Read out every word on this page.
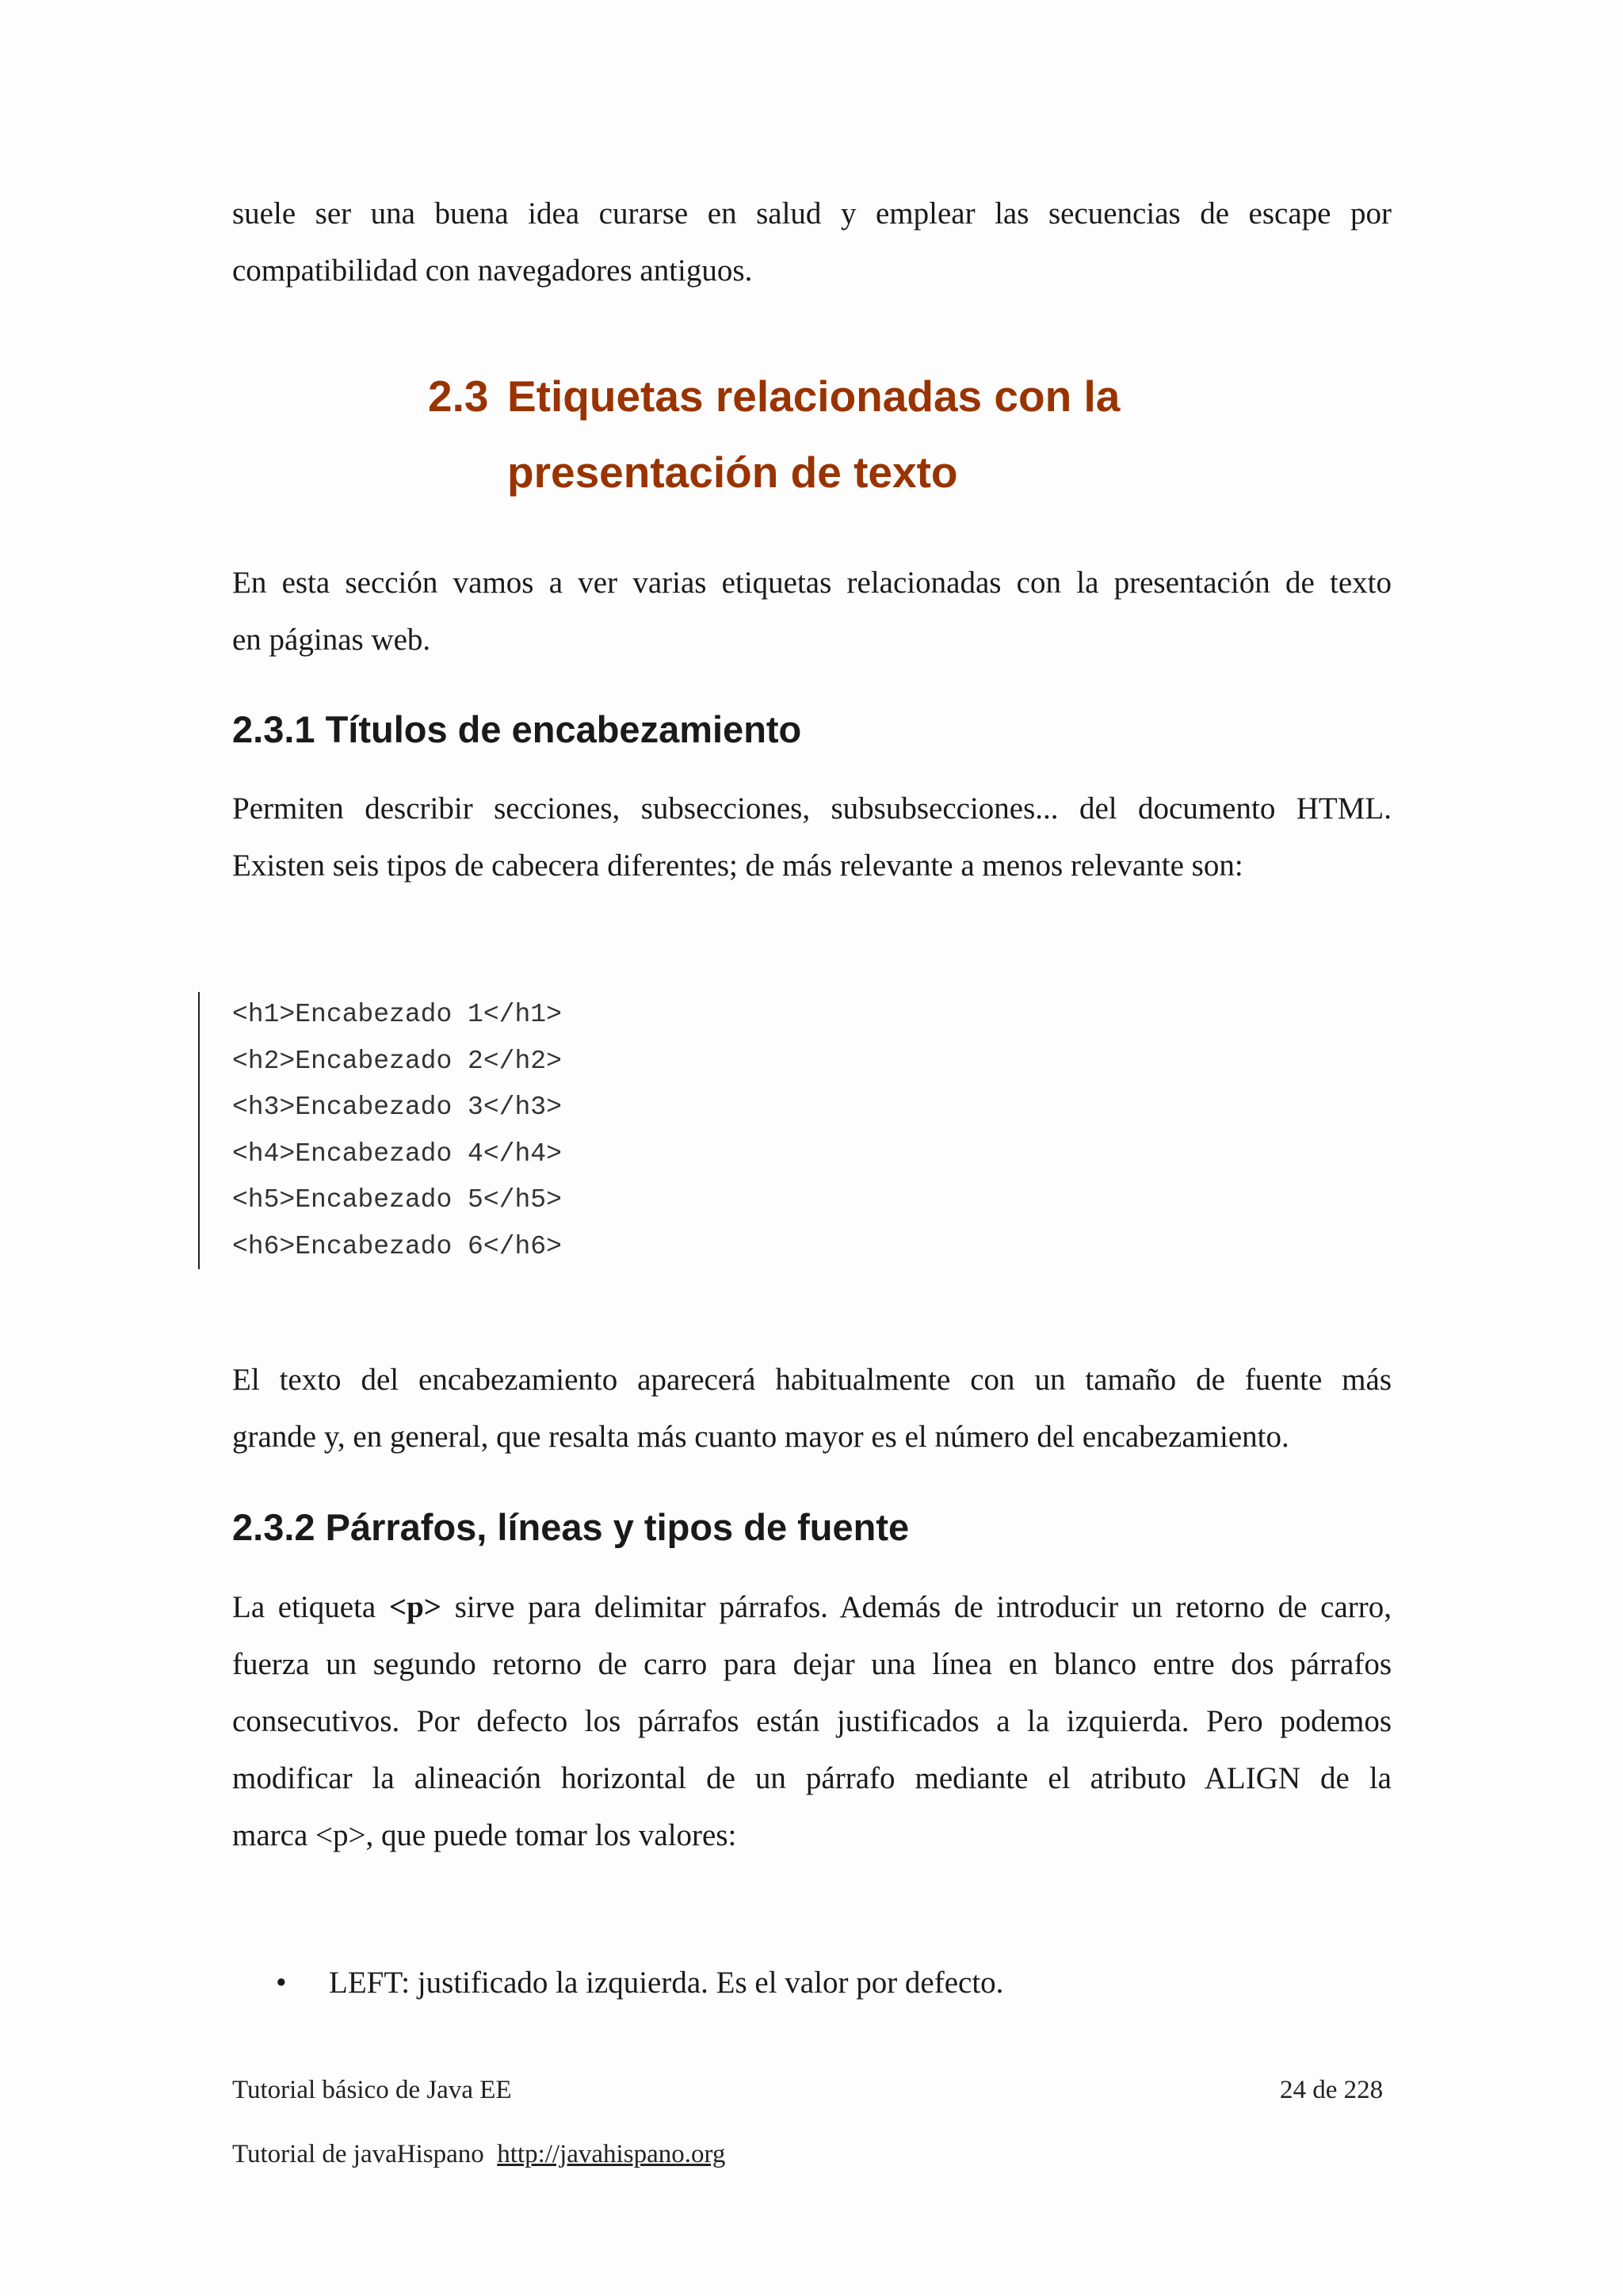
suele ser una buena idea curarse en salud y emplear las secuencias de escape por
compatibilidad con navegadores antiguos.

2.3 Etiquetas relacionadas con la
presentación de texto

En esta sección vamos a ver varias etiquetas relacionadas con la presentación de texto
en páginas web.

2.3.1 Títulos de encabezamiento

Permiten describir secciones, subsecciones, subsubsecciones... del documento HTML.
Existen seis tipos de cabecera diferentes; de más relevante a menos relevante son:

<h1>Encabezado 1</h1>
<h2>Encabezado 2</h2>
<h3>Encabezado 3</h3>
<h4>Encabezado 4</h4>
<h5>Encabezado 5</h5>
<h6>Encabezado 6</h6>

El texto del encabezamiento aparecerá habitualmente con un tamaño de fuente más
grande y, en general, que resalta más cuanto mayor es el número del encabezamiento.

2.3.2 Párrafos, líneas y tipos de fuente

La etiqueta <p> sirve para delimitar párrafos. Además de introducir un retorno de carro,
fuerza un segundo retorno de carro para dejar una línea en blanco entre dos párrafos
consecutivos. Por defecto los párrafos están justificados a la izquierda. Pero podemos
modificar la alineación horizontal de un párrafo mediante el atributo ALIGN de la
marca <p>, que puede tomar los valores:

• LEFT: justificado la izquierda. Es el valor por defecto.
Tutorial básico de Java EE	24 de 228
Tutorial de javaHispano http://javahispano.org
